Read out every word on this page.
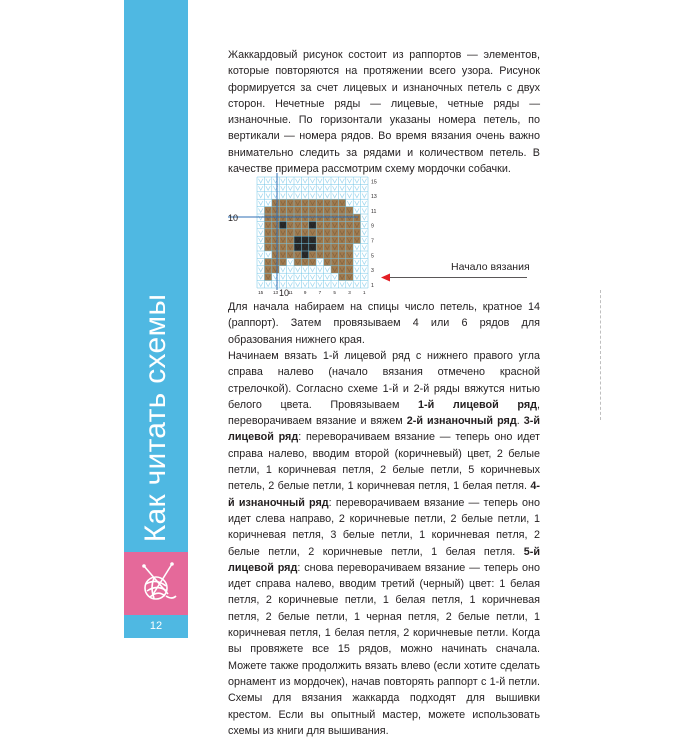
Как читать схемы
12

Жаккардовый рисунок состоит из раппортов — элементов, которые повторяются на протяжении всего узора. Рисунок формируется за счет лицевых и изнаночных петель с двух сторон. Нечетные ряды — лицевые, четные ряды — изнаночные. По горизонтали указаны номера петель, по вертикали — номера рядов. Во время вязания очень важно внимательно следить за рядами и количеством петель. В качестве примера рассмотрим схему мордочки собачки.

15
13
11
9
7
5
3
1
15 13 11 9	7	5	3	1
10
10
Начало вязания

Для начала набираем на спицы число петель, кратное 14 (раппорт). Затем провязываем 4 или 6 рядов для образования нижнего края.

Начинаем вязать 1-й лицевой ряд с нижнего правого угла справа налево (начало вязания отмечено красной стрелочкой). Согласно схеме 1-й и 2-й ряды вяжутся нитью белого цвета. Провязываем 1-й лицевой ряд, переворачиваем вязание и вяжем 2-й изнаночный ряд. 3-й лицевой ряд: переворачиваем вязание — теперь оно идет справа налево, вводим второй (коричневый) цвет, 2 белые петли, 1 коричневая петля, 2 белые петли, 5 коричневых петель, 2 белые петли, 1 коричневая петля, 1 белая петля. 4-й изнаночный ряд: переворачиваем вязание — теперь оно идет слева направо, 2 коричневые петли, 2 белые петли, 1 коричневая петля, 3 белые петли, 1 коричневая петля, 2 белые петли, 2 коричневые петли, 1 белая петля. 5-й лицевой ряд: снова переворачиваем вязание — теперь оно идет справа налево, вводим третий (черный) цвет: 1 белая петля, 2 коричневые петли, 1 белая петля, 1 коричневая петля, 2 белые петли, 1 черная петля, 2 белые петли, 1 коричневая петля, 1 белая петля, 2 коричневые петли. Когда вы провяжете все 15 рядов, можно начинать сначала. Можете также продолжить вязать влево (если хотите сделать орнамент из мордочек), начав повторять раппорт с 1-й петли. Схемы для вязания жаккарда подходят для вышивки крестом. Если вы опытный мастер, можете использовать схемы из книги для вышивания.
